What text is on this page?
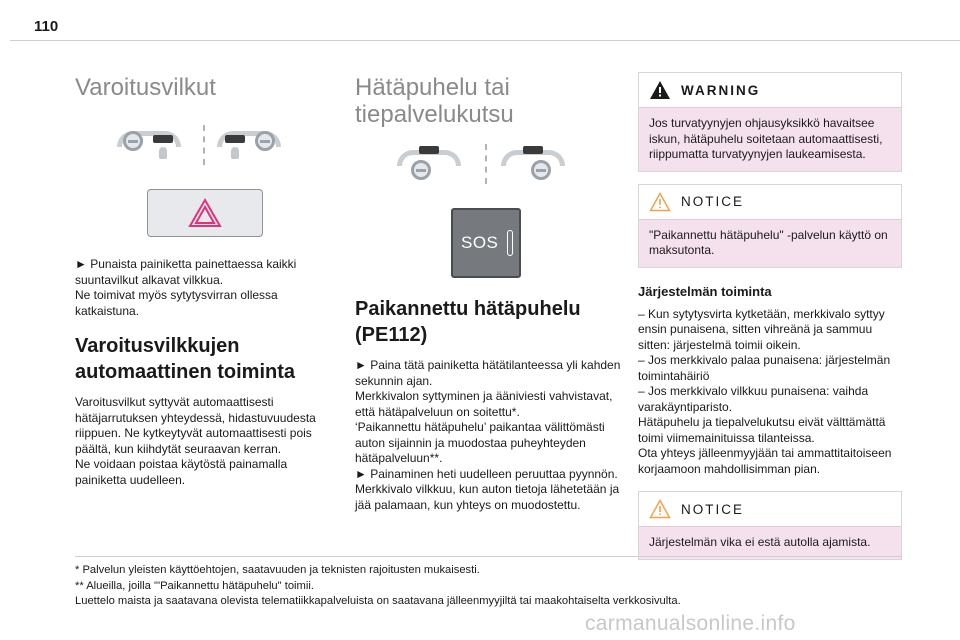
110
Varoitusvilkut

► Punaista painiketta painettaessa kaikki suuntavilkut alkavat vilkkua.
Ne toimivat myös sytytysvirran ollessa katkaistuna.

Varoitusvilkkujen automaattinen toiminta

Varoitusvilkut syttyvät automaattisesti hätäjarrutuksen yhteydessä, hidastuvuudesta riippuen. Ne kytkeytyvät automaattisesti pois päältä, kun kiihdytät seuraavan kerran.
Ne voidaan poistaa käytöstä painamalla painiketta uudelleen.

Hätäpuhelu tai tiepalvelukutsu
SOS
Paikannettu hätäpuhelu (PE112)

► Paina tätä painiketta hätätilanteessa yli kahden sekunnin ajan.
Merkkivalon syttyminen ja ääniviesti vahvistavat, että hätäpalveluun on soitettu*.
‘Paikannettu hätäpuhelu’ paikantaa välittömästi auton sijainnin ja muodostaa puheyhteyden hätäpalveluun**.
► Painaminen heti uudelleen peruuttaa pyynnön.
Merkkivalo vilkkuu, kun auton tietoja lähetetään ja jää palamaan, kun yhteys on muodostettu.

WARNING
Jos turvatyynyjen ohjausyksikkö havaitsee iskun, hätäpuhelu soitetaan automaattisesti, riippumatta turvatyynyjen laukeamisesta.
NOTICE
"Paikannettu hätäpuhelu" -palvelun käyttö on maksutonta.
Järjestelmän toiminta

– Kun sytytysvirta kytketään, merkkivalo syttyy ensin punaisena, sitten vihreänä ja sammuu sitten: järjestelmä toimii oikein.
– Jos merkkivalo palaa punaisena: järjestelmän toimintahäiriö
– Jos merkkivalo vilkkuu punaisena: vaihda varakäyntiparisto.
Hätäpuhelu ja tiepalvelukutsu eivät välttämättä toimi viimemainituissa tilanteissa.
Ota yhteys jälleenmyyjään tai ammattitaitoiseen korjaamoon mahdollisimman pian.

NOTICE
Järjestelmän vika ei estä autolla ajamista.
* Palvelun yleisten käyttöehtojen, saatavuuden ja teknisten rajoitusten mukaisesti.
** Alueilla, joilla "'Paikannettu hätäpuhelu" toimii.
Luettelo maista ja saatavana olevista telematiikkapalveluista on saatavana jälleenmyyjiltä tai maakohtaiselta verkkosivulta.
carmanualsonline.info
